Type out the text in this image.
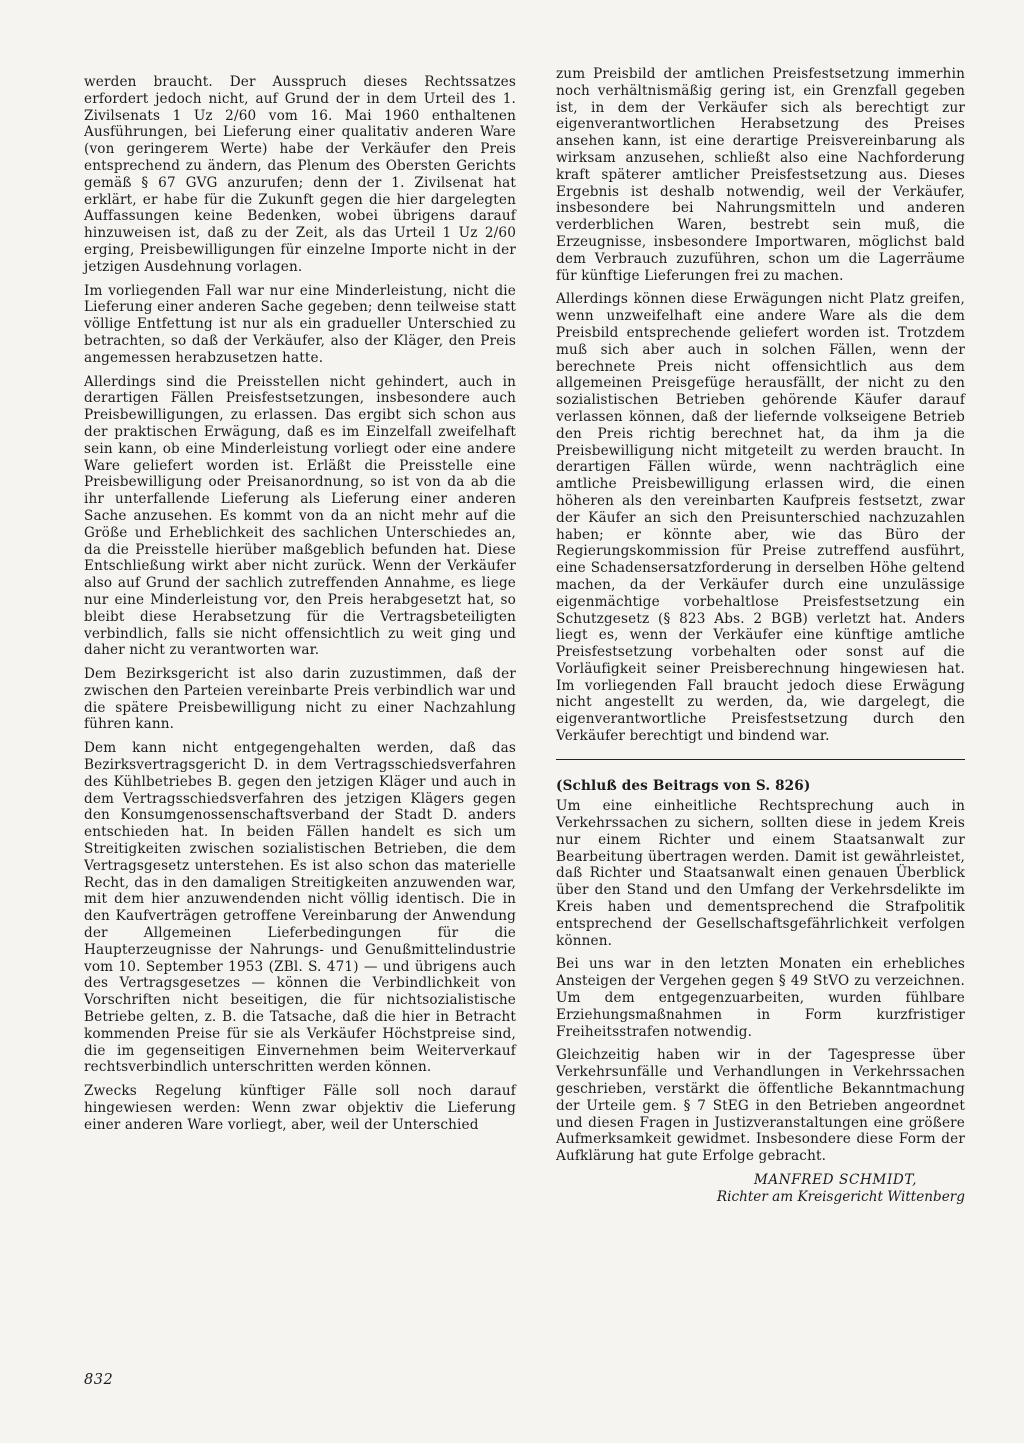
werden braucht. Der Ausspruch dieses Rechtssatzes erfordert jedoch nicht, auf Grund der in dem Urteil des 1. Zivilsenats 1 Uz 2/60 vom 16. Mai 1960 enthaltenen Ausführungen, bei Lieferung einer qualitativ anderen Ware (von geringerem Werte) habe der Verkäufer den Preis entsprechend zu ändern, das Plenum des Obersten Gerichts gemäß § 67 GVG anzurufen; denn der 1. Zivilsenat hat erklärt, er habe für die Zukunft gegen die hier dargelegten Auffassungen keine Bedenken, wobei übrigens darauf hinzuweisen ist, daß zu der Zeit, als das Urteil 1 Uz 2/60 erging, Preisbewilligungen für einzelne Importe nicht in der jetzigen Ausdehnung vorlagen.

Im vorliegenden Fall war nur eine Minderleistung, nicht die Lieferung einer anderen Sache gegeben; denn teilweise statt völlige Entfettung ist nur als ein gradueller Unterschied zu betrachten, so daß der Verkäufer, also der Kläger, den Preis angemessen herabzusetzen hatte.

Allerdings sind die Preisstellen nicht gehindert, auch in derartigen Fällen Preisfestsetzungen, insbesondere auch Preisbewilligungen, zu erlassen. Das ergibt sich schon aus der praktischen Erwägung, daß es im Einzelfall zweifelhaft sein kann, ob eine Minderleistung vorliegt oder eine andere Ware geliefert worden ist. Erläßt die Preisstelle eine Preisbewilligung oder Preisanordnung, so ist von da ab die ihr unterfallende Lieferung als Lieferung einer anderen Sache anzusehen. Es kommt von da an nicht mehr auf die Größe und Erheblichkeit des sachlichen Unterschiedes an, da die Preisstelle hierüber maßgeblich befunden hat. Diese Entschließung wirkt aber nicht zurück. Wenn der Verkäufer also auf Grund der sachlich zutreffenden Annahme, es liege nur eine Minderleistung vor, den Preis herabgesetzt hat, so bleibt diese Herabsetzung für die Vertragsbeteiligten verbindlich, falls sie nicht offensichtlich zu weit ging und daher nicht zu verantworten war.

Dem Bezirksgericht ist also darin zuzustimmen, daß der zwischen den Parteien vereinbarte Preis verbindlich war und die spätere Preisbewilligung nicht zu einer Nachzahlung führen kann.

Dem kann nicht entgegengehalten werden, daß das Bezirksvertragsgericht D. in dem Vertragsschiedsverfahren des Kühlbetriebes B. gegen den jetzigen Kläger und auch in dem Vertragsschiedsverfahren des jetzigen Klägers gegen den Konsumgenossenschaftsverband der Stadt D. anders entschieden hat. In beiden Fällen handelt es sich um Streitigkeiten zwischen sozialistischen Betrieben, die dem Vertragsgesetz unterstehen. Es ist also schon das materielle Recht, das in den damaligen Streitigkeiten anzuwenden war, mit dem hier anzuwendenden nicht völlig identisch. Die in den Kaufverträgen getroffene Vereinbarung der Anwendung der Allgemeinen Lieferbedingungen für die Haupterzeugnisse der Nahrungs- und Genußmittelindustrie vom 10. September 1953 (ZBl. S. 471) — und übrigens auch des Vertragsgesetzes — können die Verbindlichkeit von Vorschriften nicht beseitigen, die für nichtsozialistische Betriebe gelten, z. B. die Tatsache, daß die hier in Betracht kommenden Preise für sie als Verkäufer Höchstpreise sind, die im gegenseitigen Einvernehmen beim Weiterverkauf rechtsverbindlich unterschritten werden können.

Zwecks Regelung künftiger Fälle soll noch darauf hingewiesen werden: Wenn zwar objektiv die Lieferung einer anderen Ware vorliegt, aber, weil der Unterschied

zum Preisbild der amtlichen Preisfestsetzung immerhin noch verhältnismäßig gering ist, ein Grenzfall gegeben ist, in dem der Verkäufer sich als berechtigt zur eigenverantwortlichen Herabsetzung des Preises ansehen kann, ist eine derartige Preisvereinbarung als wirksam anzusehen, schließt also eine Nachforderung kraft späterer amtlicher Preisfestsetzung aus. Dieses Ergebnis ist deshalb notwendig, weil der Verkäufer, insbesondere bei Nahrungsmitteln und anderen verderblichen Waren, bestrebt sein muß, die Erzeugnisse, insbesondere Importwaren, möglichst bald dem Verbrauch zuzuführen, schon um die Lagerräume für künftige Lieferungen frei zu machen.

Allerdings können diese Erwägungen nicht Platz greifen, wenn unzweifelhaft eine andere Ware als die dem Preisbild entsprechende geliefert worden ist. Trotzdem muß sich aber auch in solchen Fällen, wenn der berechnete Preis nicht offensichtlich aus dem allgemeinen Preisgefüge herausfällt, der nicht zu den sozialistischen Betrieben gehörende Käufer darauf verlassen können, daß der liefernde volkseigene Betrieb den Preis richtig berechnet hat, da ihm ja die Preisbewilligung nicht mitgeteilt zu werden braucht. In derartigen Fällen würde, wenn nachträglich eine amtliche Preisbewilligung erlassen wird, die einen höheren als den vereinbarten Kaufpreis festsetzt, zwar der Käufer an sich den Preisunterschied nachzuzahlen haben; er könnte aber, wie das Büro der Regierungskommission für Preise zutreffend ausführt, eine Schadensersatzforderung in derselben Höhe geltend machen, da der Verkäufer durch eine unzulässige eigenmächtige vorbehaltlose Preisfestsetzung ein Schutzgesetz (§ 823 Abs. 2 BGB) verletzt hat. Anders liegt es, wenn der Verkäufer eine künftige amtliche Preisfestsetzung vorbehalten oder sonst auf die Vorläufigkeit seiner Preisberechnung hingewiesen hat. Im vorliegenden Fall braucht jedoch diese Erwägung nicht angestellt zu werden, da, wie dargelegt, die eigenverantwortliche Preisfestsetzung durch den Verkäufer berechtigt und bindend war.

(Schluß des Beitrags von S. 826)

Um eine einheitliche Rechtsprechung auch in Verkehrssachen zu sichern, sollten diese in jedem Kreis nur einem Richter und einem Staatsanwalt zur Bearbeitung übertragen werden. Damit ist gewährleistet, daß Richter und Staatsanwalt einen genauen Überblick über den Stand und den Umfang der Verkehrsdelikte im Kreis haben und dementsprechend die Strafpolitik entsprechend der Gesellschaftsgefährlichkeit verfolgen können.

Bei uns war in den letzten Monaten ein erhebliches Ansteigen der Vergehen gegen § 49 StVO zu verzeichnen. Um dem entgegenzuarbeiten, wurden fühlbare Erziehungsmaßnahmen in Form kurzfristiger Freiheitsstrafen notwendig.

Gleichzeitig haben wir in der Tagespresse über Verkehrsunfälle und Verhandlungen in Verkehrssachen geschrieben, verstärkt die öffentliche Bekanntmachung der Urteile gem. § 7 StEG in den Betrieben angeordnet und diesen Fragen in Justizveranstaltungen eine größere Aufmerksamkeit gewidmet. Insbesondere diese Form der Aufklärung hat gute Erfolge gebracht.

MANFRED SCHMIDT,
Richter am Kreisgericht Wittenberg
832
